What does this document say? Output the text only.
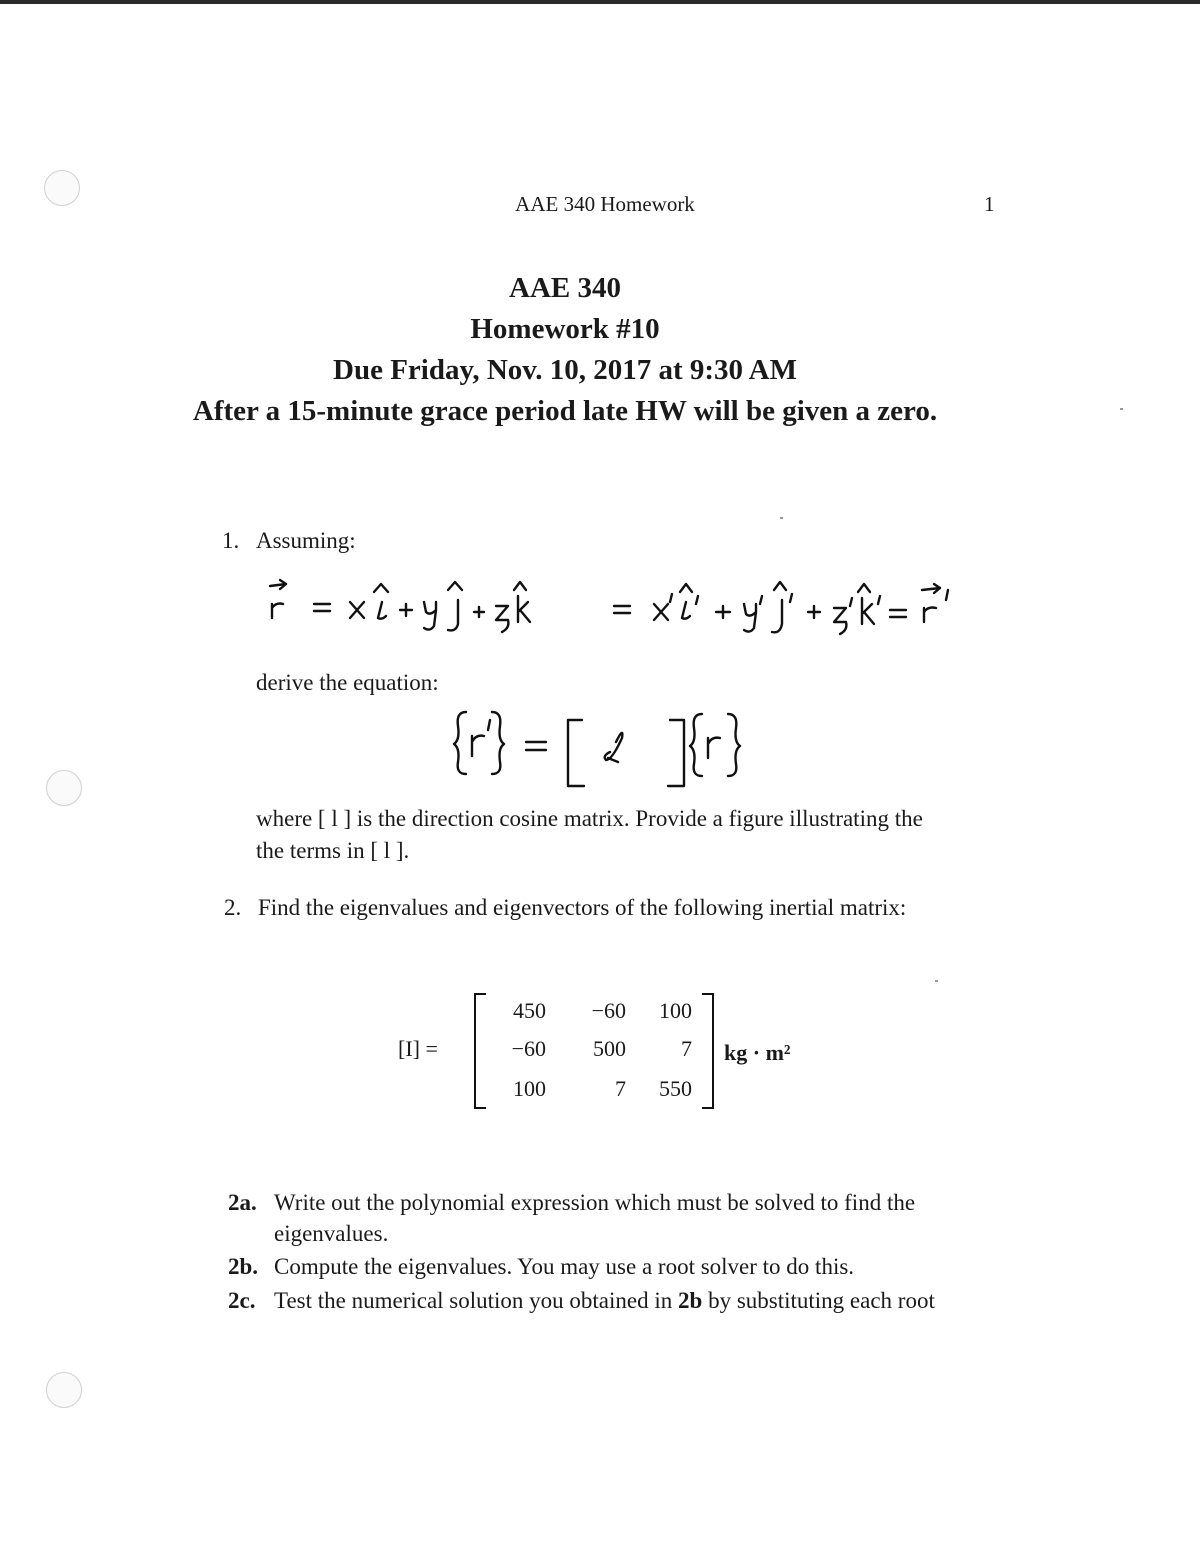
AAE 340 Homework	1
AAE 340
Homework #10
Due Friday, Nov. 10, 2017 at 9:30 AM
After a 15-minute grace period late HW will be given a zero.
1. Assuming:
derive the equation:
where [ l ] is the direction cosine matrix. Provide a figure illustrating the
the terms in [ l ].
2. Find the eigenvalues and eigenvectors of the following inertial matrix:
[I] =
450	−60	100
−60	500	7
100	7	550
kg · m²
2a. Write out the polynomial expression which must be solved to find the
eigenvalues.
2b. Compute the eigenvalues. You may use a root solver to do this.
2c. Test the numerical solution you obtained in 2b by substituting each root
